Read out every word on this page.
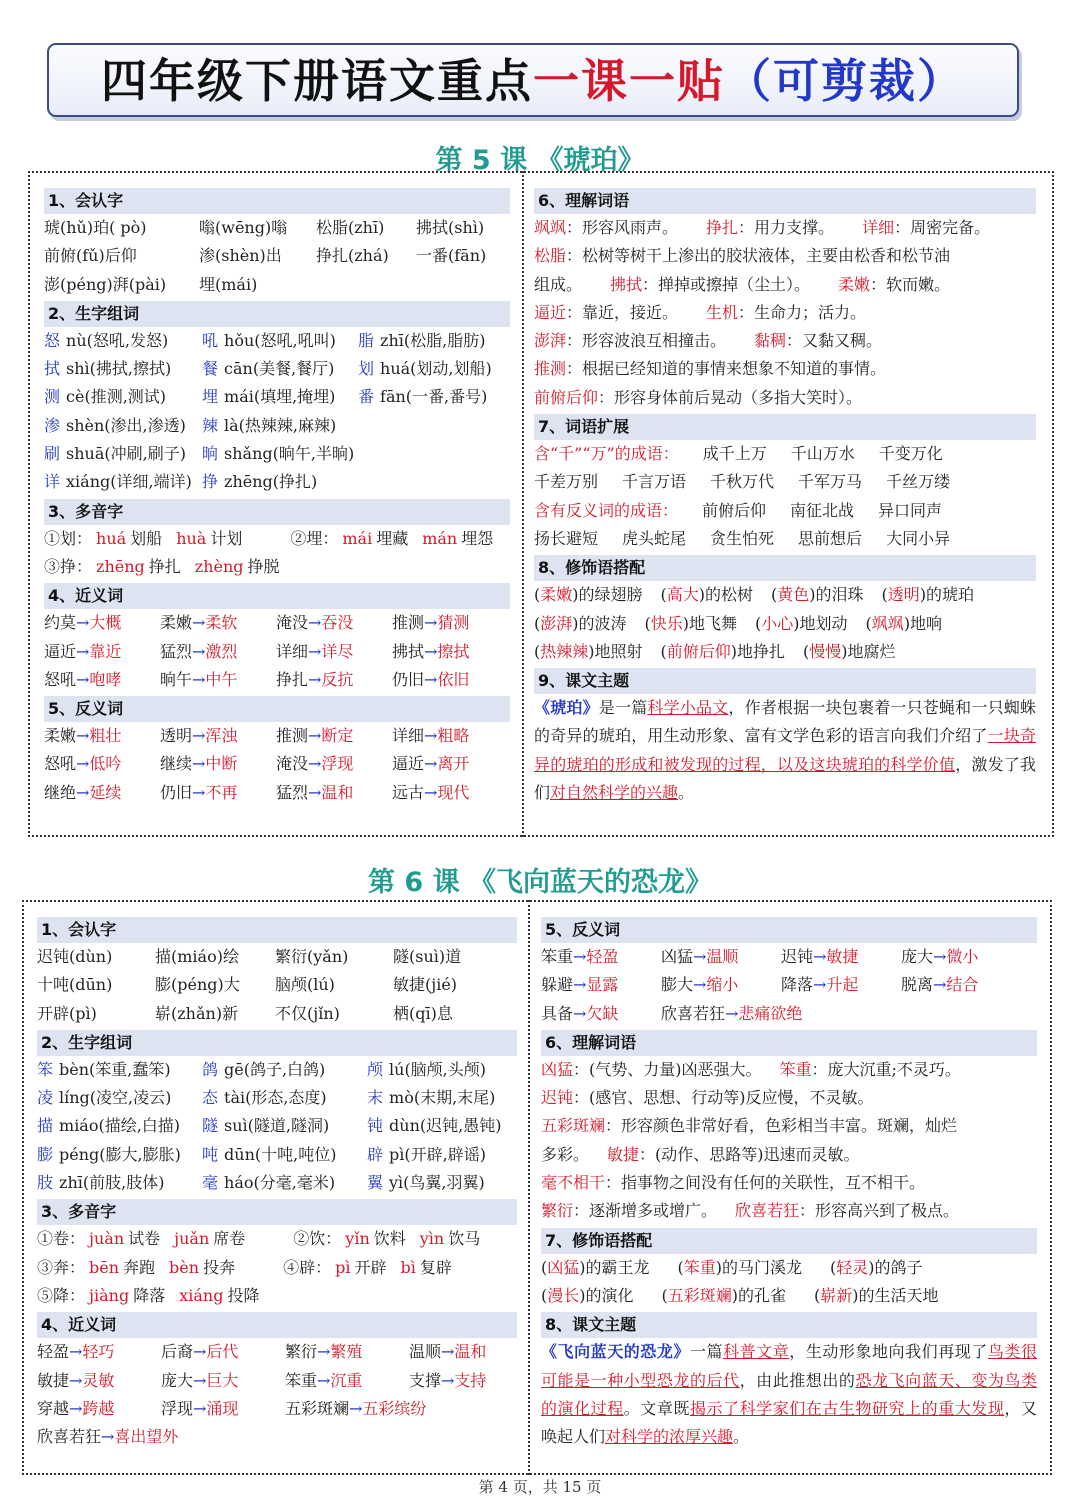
四年级下册语文重点一课一贴（可剪裁）
第 5 课 《琥珀》
1、会认字
琥(hǔ)珀( pò)	嗡(wēng)嗡	松脂(zhī)	拂拭(shì)
前俯(fǔ)后仰	渗(shèn)出	挣扎(zhá)	一番(fān)
澎(péng)湃(pài)	埋(mái)
2、生字组词
怒 nù(怒吼,发怒) 吼 hǒu(怒吼,吼叫) 脂 zhī(松脂,脂肪)
拭 shì(拂拭,擦拭) 餐 cān(美餐,餐厅) 划 huá(划动,划船)
测 cè(推测,测试) 埋 mái(填埋,掩埋) 番 fān(一番,番号)
渗 shèn(渗出,渗透) 辣 là(热辣辣,麻辣)
刷 shuā(冲刷,刷子) 晌 shǎng(晌午,半晌)
详 xiáng(详细,端详) 挣 zhēng(挣扎)
3、多音字
①划： huá 划船 huà 计划	②埋： mái 埋藏 mán 埋怨
③挣： zhēng 挣扎 zhèng 挣脱
4、近义词
约莫 → 大概 柔嫩 → 柔软 淹没 → 吞没 推测 → 猜测
逼近 → 靠近 猛烈 → 激烈 详细 → 详尽 拂拭 → 擦拭
怒吼 → 咆哮 晌午 → 中午 挣扎 → 反抗 仍旧 → 依旧
5、反义词
柔嫩 → 粗壮 透明 → 浑浊 推测 → 断定 详细 → 粗略
怒吼 → 低吟 继续 → 中断 淹没 → 浮现 逼近 → 离开
继绝 → 延续 仍旧 → 不再 猛烈 → 温和 远古 → 现代
6、理解词语
飒飒 ：形容风雨声。 挣扎 ：用力支撑。 详细 ：周密完备。
松脂 ：松树等树干上渗出的胶状液体，主要由松香和松节油
组成。 拂拭 ：掸掉或擦掉（尘土）。 柔嫩 ：软而嫩。
逼近 ：靠近，接近。 生机 ：生命力；活力。
澎湃 ：形容波浪互相撞击。 黏稠 ：又黏又稠。
推测 ：根据已经知道的事情来想象不知道的事情。
前俯后仰 ：形容身体前后晃动（多指大笑时）。
7、词语扩展
含“千”“万”的成语： 成千上万 千山万水 千变万化
千差万别 千言万语 千秋万代 千军万马 千丝万缕
含有反义词的成语： 前俯后仰 南征北战 异口同声
扬长避短 虎头蛇尾 贪生怕死 思前想后 大同小异
8、修饰语搭配
( 柔嫩 )的绿翅膀 ( 高大 )的松树 ( 黄色 )的泪珠 ( 透明 )的琥珀
( 澎湃 )的波涛 ( 快乐 )地飞舞 ( 小心 )地划动 ( 飒飒 )地响
( 热辣辣 )地照射 ( 前俯后仰 )地挣扎 ( 慢慢 )地腐烂
9、课文主题
《琥珀》是一篇科学小品文，作者根据一块包裹着一只苍蝇和一只蜘蛛的奇异的琥珀，用生动形象、富有文学色彩的语言向我们介绍了一块奇异的琥珀的形成和被发现的过程，以及这块琥珀的科学价值，激发了我们对自然科学的兴趣。
第 6 课 《飞向蓝天的恐龙》
1、会认字
迟钝(dùn)	描(miáo)绘	繁衍(yǎn)	隧(suì)道
十吨(dūn)	膨(péng)大	脑颅(lú)	敏捷(jié)
开辟(pì)	崭(zhǎn)新	不仅(jǐn)	栖(qī)息
2、生字组词
笨 bèn(笨重,蠢笨) 鸽 gē(鸽子,白鸽)	颅 lú(脑颅,头颅)
凌 líng(凌空,凌云) 态 tài(形态,态度)	末 mò(末期,末尾)
描 miáo(描绘,白描) 隧 suì(隧道,隧洞) 钝 dùn(迟钝,愚钝)
膨 péng(膨大,膨胀) 吨 dūn(十吨,吨位) 辟 pì(开辟,辟谣)
肢 zhī(前肢,肢体) 毫 háo(分毫,毫米) 翼 yì(鸟翼,羽翼)
3、多音字
①卷： juàn 试卷 juǎn 席卷	②饮： yǐn 饮料 yìn 饮马
③奔： bēn 奔跑 bèn 投奔	④辟： pì 开辟 bì 复辟
⑤降： jiàng 降落 xiáng 投降
4、近义词
轻盈 → 轻巧	后裔 → 后代	繁衍 → 繁殖	温顺 → 温和
敏捷 → 灵敏	庞大 → 巨大	笨重 → 沉重	支撑 → 支持
穿越 → 跨越	浮现 → 涌现	五彩斑斓 → 五彩缤纷
欣喜若狂 → 喜出望外
5、反义词
笨重 → 轻盈	凶猛 → 温顺	迟钝 → 敏捷	庞大 → 微小
躲避 → 显露	膨大 → 缩小	降落 → 升起	脱离 → 结合
具备 → 欠缺	欣喜若狂 → 悲痛欲绝
6、理解词语
凶猛 ：(气势、力量)凶恶强大。 笨重 ：庞大沉重;不灵巧。
迟钝 ：(感官、思想、行动等)反应慢，不灵敏。
五彩斑斓 ：形容颜色非常好看，色彩相当丰富。斑斓，灿烂
多彩。 敏捷 ：(动作、思路等)迅速而灵敏。
毫不相干 ：指事物之间没有任何的关联性，互不相干。
繁衍 ：逐渐增多或增广。 欣喜若狂 ：形容高兴到了极点。
7、修饰语搭配
( 凶猛 )的霸王龙 ( 笨重 )的马门溪龙 ( 轻灵 )的鸽子
( 漫长 )的演化 ( 五彩斑斓 )的孔雀 ( 崭新 )的生活天地
8、课文主题
《飞向蓝天的恐龙》一篇科普文章，生动形象地向我们再现了鸟类很可能是一种小型恐龙的后代，由此推想出的恐龙飞向蓝天、变为鸟类的演化过程。文章既揭示了科学家们在古生物研究上的重大发现，又唤起人们对科学的浓厚兴趣。
第 4 页，共 15 页
